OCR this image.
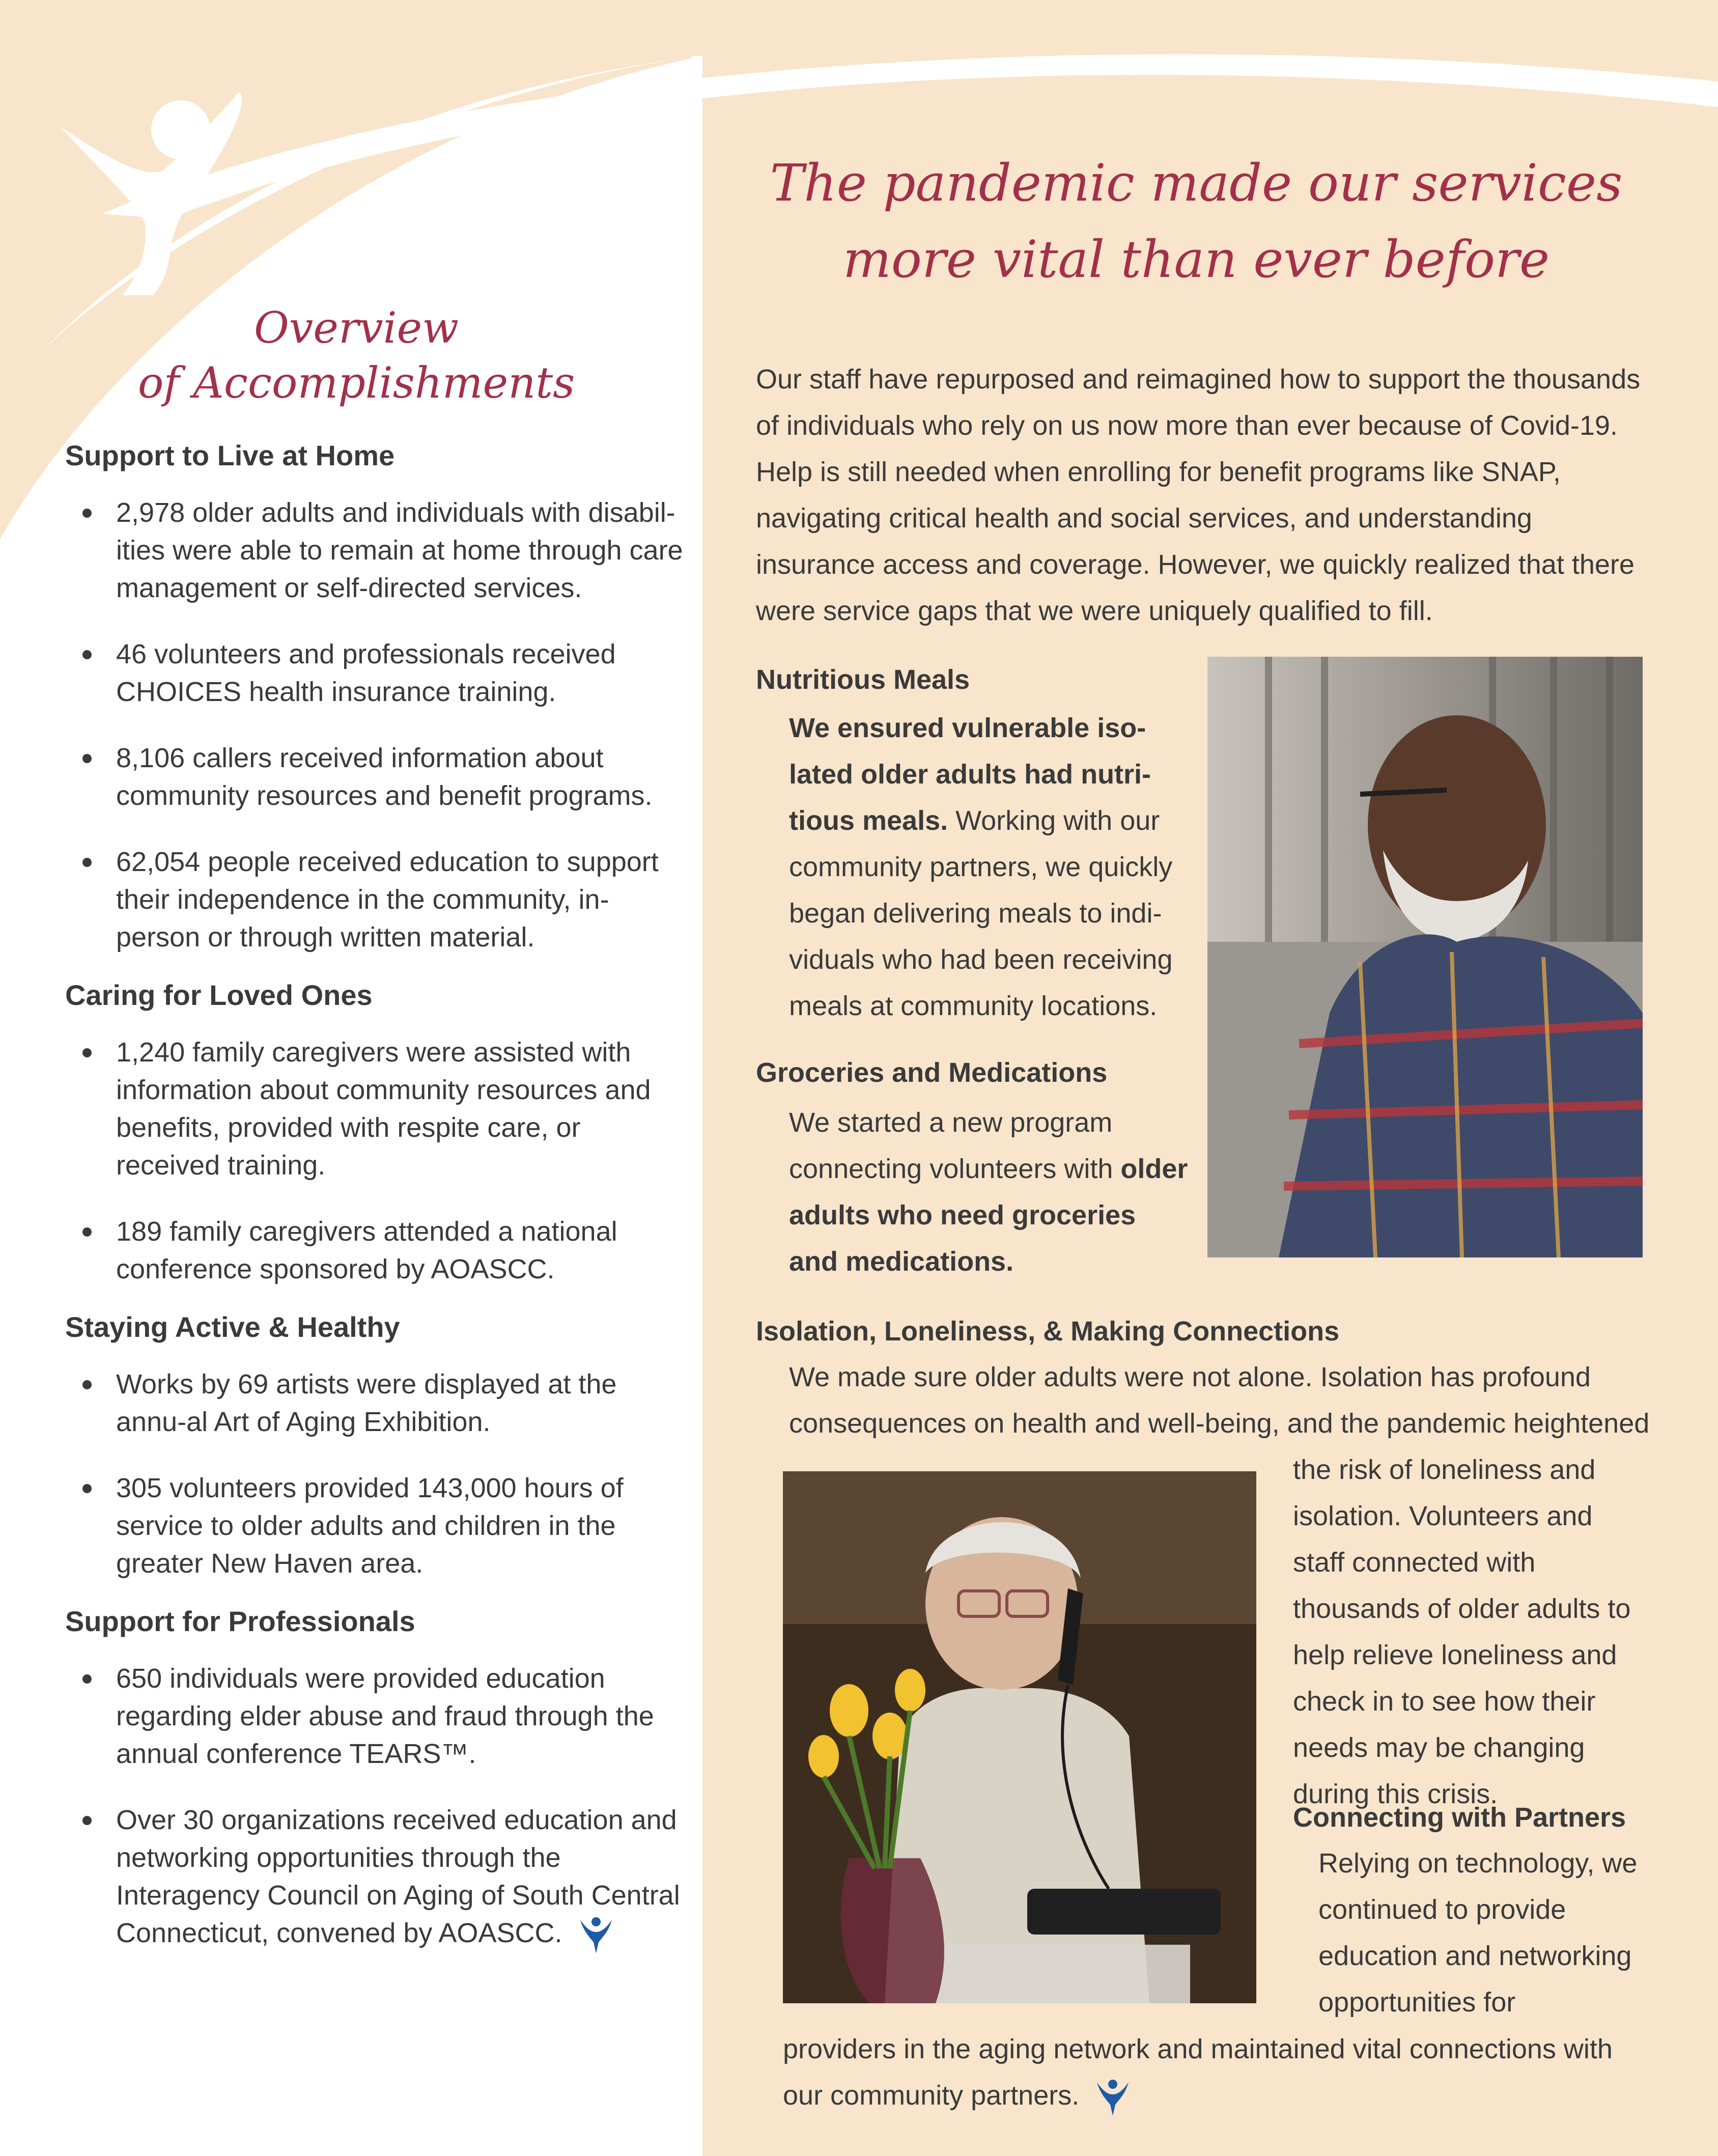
Overview
of Accomplishments
Support to Live at Home
2,978 older adults and individuals with disabil-ities were able to remain at home through care management or self-directed services.
46 volunteers and professionals received CHOICES health insurance training.
8,106 callers received information about community resources and benefit programs.
62,054 people received education to support their independence in the community, in-person or through written material.
Caring for Loved Ones
1,240 family caregivers were assisted with information about community resources and benefits, provided with respite care, or received training.
189 family caregivers attended a national conference sponsored by AOASCC.
Staying Active & Healthy
Works by 69 artists were displayed at the annu-al Art of Aging Exhibition.
305 volunteers provided 143,000 hours of service to older adults and children in the greater New Haven area.
Support for Professionals
650 individuals were provided education regarding elder abuse and fraud through the annual conference TEARS™.
Over 30 organizations received education and networking opportunities through the Interagency Council on Aging of South Central Connecticut, convened by AOASCC.
The pandemic made our services
more vital than ever before
Our staff have repurposed and reimagined how to support the thousands of individuals who rely on us now more than ever because of Covid-19. Help is still needed when enrolling for benefit programs like SNAP, navigating critical health and social services, and understanding insurance access and coverage. However, we quickly realized that there were service gaps that we were uniquely qualified to fill.
Nutritious Meals
We ensured vulnerable iso-lated older adults had nutri-tious meals. Working with our community partners, we quickly began delivering meals to indi-viduals who had been receiving meals at community locations.
Groceries and Medications
We started a new program connecting volunteers with older adults who need groceries and medications.
Isolation, Loneliness, & Making Connections
We made sure older adults were not alone. Isolation has profound consequences on health and well-being, and the pandemic heightened
the risk of loneliness and isolation. Volunteers and staff connected with thousands of older adults to help relieve loneliness and check in to see how their needs may be changing during this crisis.
Connecting with Partners
Relying on technology, we continued to provide education and networking opportunities for
providers in the aging network and maintained vital connections with our community partners.
